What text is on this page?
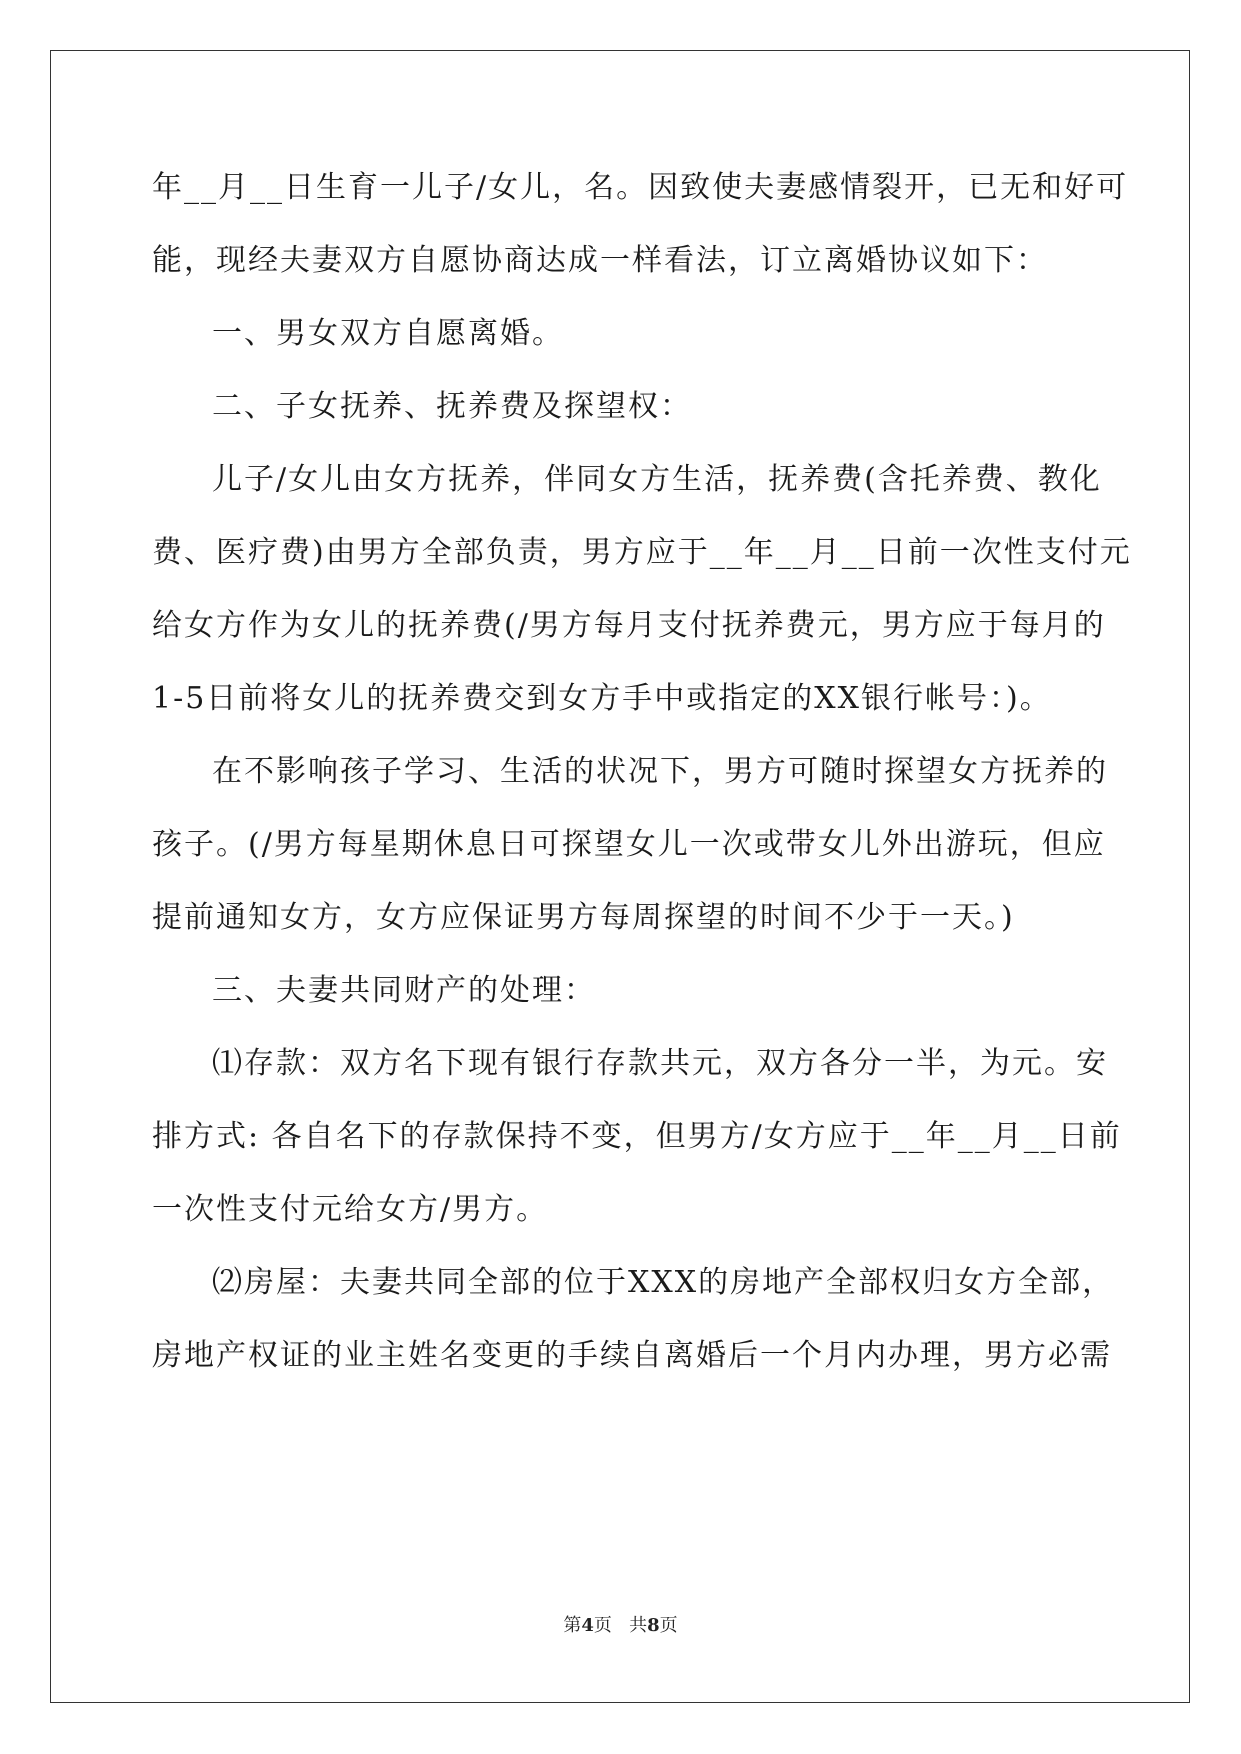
年__月__日生育一儿子/女儿，名。因致使夫妻感情裂开，已无和好可
能，现经夫妻双方自愿协商达成一样看法，订立离婚协议如下：
一、男女双方自愿离婚。
二、子女抚养、抚养费及探望权：
儿子/女儿由女方抚养，伴同女方生活，抚养费(含托养费、教化
费、医疗费)由男方全部负责，男方应于__年__月__日前一次性支付元
给女方作为女儿的抚养费(/男方每月支付抚养费元，男方应于每月的
1-5日前将女儿的抚养费交到女方手中或指定的XX银行帐号：)。
在不影响孩子学习、生活的状况下，男方可随时探望女方抚养的
孩子。(/男方每星期休息日可探望女儿一次或带女儿外出游玩，但应
提前通知女方，女方应保证男方每周探望的时间不少于一天。)
三、夫妻共同财产的处理：
⑴存款：双方名下现有银行存款共元，双方各分一半，为元。安
排方式: 各自名下的存款保持不变，但男方/女方应于__年__月__日前
一次性支付元给女方/男方。
⑵房屋：夫妻共同全部的位于XXX的房地产全部权归女方全部，
房地产权证的业主姓名变更的手续自离婚后一个月内办理，男方必需
第4页 共8页
